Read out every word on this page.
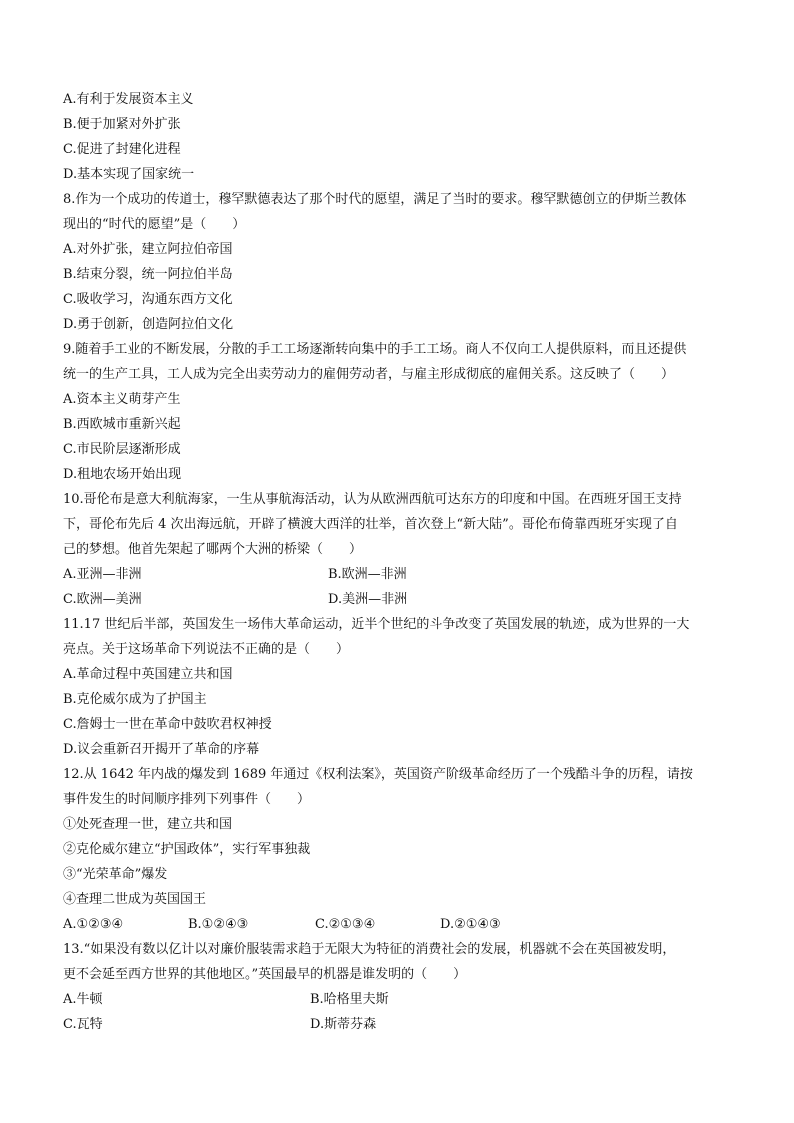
A.有利于发展资本主义
B.便于加紧对外扩张
C.促进了封建化进程
D.基本实现了国家统一
8.作为一个成功的传道士，穆罕默德表达了那个时代的愿望，满足了当时的要求。穆罕默德创立的伊斯兰教体
现出的“时代的愿望”是（　　）
A.对外扩张，建立阿拉伯帝国
B.结束分裂，统一阿拉伯半岛
C.吸收学习，沟通东西方文化
D.勇于创新，创造阿拉伯文化
9.随着手工业的不断发展，分散的手工工场逐渐转向集中的手工工场。商人不仅向工人提供原料，而且还提供
统一的生产工具，工人成为完全出卖劳动力的雇佣劳动者，与雇主形成彻底的雇佣关系。这反映了（　　）
A.资本主义萌芽产生
B.西欧城市重新兴起
C.市民阶层逐渐形成
D.租地农场开始出现
10.哥伦布是意大利航海家，一生从事航海活动，认为从欧洲西航可达东方的印度和中国。在西班牙国王支持
下，哥伦布先后 4 次出海远航，开辟了横渡大西洋的壮举，首次登上“新大陆”。哥伦布倚靠西班牙实现了自
己的梦想。他首先架起了哪两个大洲的桥梁（　　）
A.亚洲—非洲	B.欧洲—非洲
C.欧洲—美洲	D.美洲—非洲
11.17 世纪后半部，英国发生一场伟大革命运动，近半个世纪的斗争改变了英国发展的轨迹，成为世界的一大
亮点。关于这场革命下列说法不正确的是（　　）
A.革命过程中英国建立共和国
B.克伦威尔成为了护国主
C.詹姆士一世在革命中鼓吹君权神授
D.议会重新召开揭开了革命的序幕
12.从 1642 年内战的爆发到 1689 年通过《权利法案》，英国资产阶级革命经历了一个残酷斗争的历程，请按
事件发生的时间顺序排列下列事件（　　）
①处死查理一世，建立共和国
②克伦威尔建立“护国政体”，实行军事独裁
③“光荣革命”爆发
④查理二世成为英国国王
A.①②③④	B.①②④③	C.②①③④	D.②①④③
13.“如果没有数以亿计以对廉价服装需求趋于无限大为特征的消费社会的发展，机器就不会在英国被发明，
更不会延至西方世界的其他地区。”英国最早的机器是谁发明的（　　）
A.牛顿	B.哈格里夫斯
C.瓦特	D.斯蒂芬森
